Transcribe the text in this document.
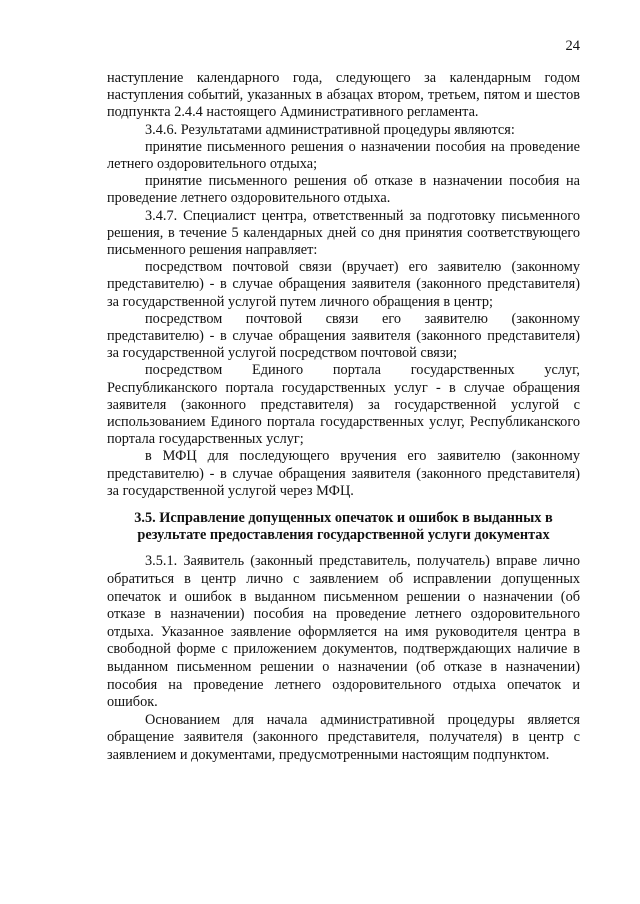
24

наступление календарного года, следующего за календарным годом наступления событий, указанных в абзацах втором, третьем, пятом и шестов подпункта 2.4.4 настоящего Административного регламента.

3.4.6. Результатами административной процедуры являются:

принятие письменного решения о назначении пособия на проведение летнего оздоровительного отдыха;

принятие письменного решения об отказе в назначении пособия на проведение летнего оздоровительного отдыха.

3.4.7. Специалист центра, ответственный за подготовку письменного решения, в течение 5 календарных дней со дня принятия соответствующего письменного решения направляет:

посредством почтовой связи (вручает) его заявителю (законному представителю) - в случае обращения заявителя (законного представителя) за государственной услугой путем личного обращения в центр;

посредством почтовой связи его заявителю (законному представителю) - в случае обращения заявителя (законного представителя) за государственной услугой посредством почтовой связи;

посредством Единого портала государственных услуг, Республиканского портала государственных услуг - в случае обращения заявителя (законного представителя) за государственной услугой с использованием Единого портала государственных услуг, Республиканского портала государственных услуг;

в МФЦ для последующего вручения его заявителю (законному представителю) - в случае обращения заявителя (законного представителя) за государственной услугой через МФЦ.

3.5. Исправление допущенных опечаток и ошибок в выданных в
результате предоставления государственной услуги документах

3.5.1. Заявитель (законный представитель, получатель) вправе лично обратиться в центр лично с заявлением об исправлении допущенных опечаток и ошибок в выданном письменном решении о назначении (об отказе в назначении) пособия на проведение летнего оздоровительного отдыха. Указанное заявление оформляется на имя руководителя центра в свободной форме с приложением документов, подтверждающих наличие в выданном письменном решении о назначении (об отказе в назначении) пособия на проведение летнего оздоровительного отдыха опечаток и ошибок.

Основанием для начала административной процедуры является обращение заявителя (законного представителя, получателя) в центр с заявлением и документами, предусмотренными настоящим подпунктом.
